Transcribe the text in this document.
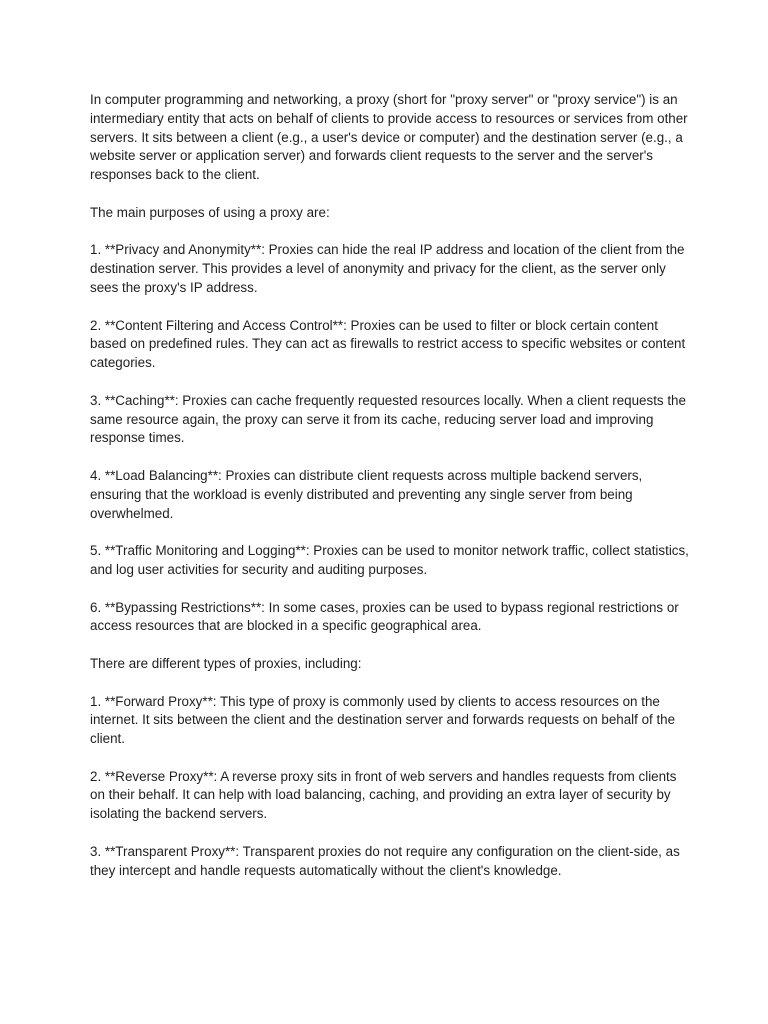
In computer programming and networking, a proxy (short for "proxy server" or "proxy service") is an intermediary entity that acts on behalf of clients to provide access to resources or services from other servers. It sits between a client (e.g., a user's device or computer) and the destination server (e.g., a website server or application server) and forwards client requests to the server and the server's responses back to the client.

The main purposes of using a proxy are:

1. **Privacy and Anonymity**: Proxies can hide the real IP address and location of the client from the destination server. This provides a level of anonymity and privacy for the client, as the server only sees the proxy's IP address.

2. **Content Filtering and Access Control**: Proxies can be used to filter or block certain content based on predefined rules. They can act as firewalls to restrict access to specific websites or content categories.

3. **Caching**: Proxies can cache frequently requested resources locally. When a client requests the same resource again, the proxy can serve it from its cache, reducing server load and improving response times.

4. **Load Balancing**: Proxies can distribute client requests across multiple backend servers, ensuring that the workload is evenly distributed and preventing any single server from being overwhelmed.

5. **Traffic Monitoring and Logging**: Proxies can be used to monitor network traffic, collect statistics, and log user activities for security and auditing purposes.

6. **Bypassing Restrictions**: In some cases, proxies can be used to bypass regional restrictions or access resources that are blocked in a specific geographical area.

There are different types of proxies, including:

1. **Forward Proxy**: This type of proxy is commonly used by clients to access resources on the internet. It sits between the client and the destination server and forwards requests on behalf of the client.

2. **Reverse Proxy**: A reverse proxy sits in front of web servers and handles requests from clients on their behalf. It can help with load balancing, caching, and providing an extra layer of security by isolating the backend servers.

3. **Transparent Proxy**: Transparent proxies do not require any configuration on the client-side, as they intercept and handle requests automatically without the client's knowledge.
